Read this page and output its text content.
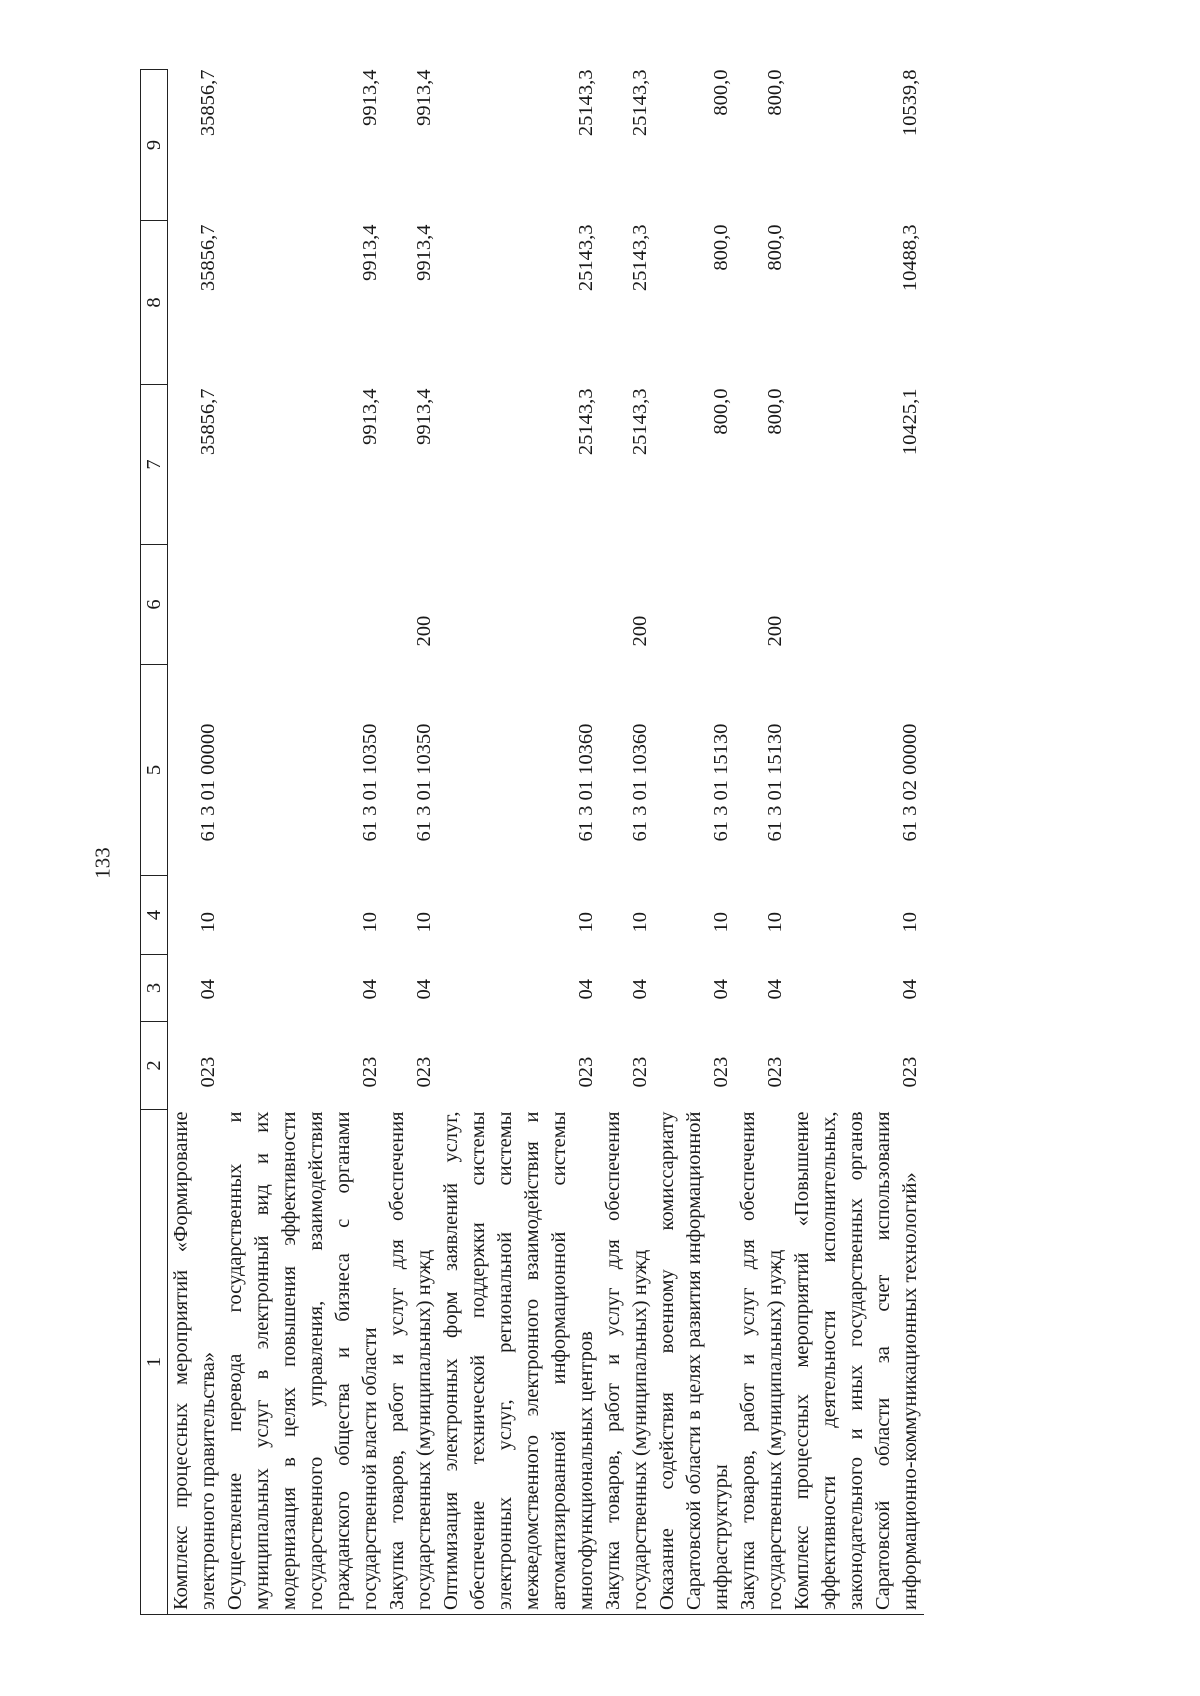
133
1	2	3	4	5	6	7	8	9
Комплекс процессных мероприятий «Формирование электронного правительства»	023	04	10	61 3 01 00000		35856,7	35856,7	35856,7
Осуществление перевода государственных и муниципальных услуг в электронный вид и их модернизация в целях повышения эффективности государственного управления, взаимодействия гражданского общества и бизнеса с органами государственной власти области	023	04	10	61 3 01 10350		9913,4	9913,4	9913,4
Закупка товаров, работ и услуг для обеспечения государственных (муниципальных) нужд	023	04	10	61 3 01 10350	200	9913,4	9913,4	9913,4
Оптимизация электронных форм заявлений услуг, обеспечение технической поддержки системы электронных услуг, региональной системы межведомственного электронного взаимодействия и автоматизированной информационной системы многофункциональных центров	023	04	10	61 3 01 10360		25143,3	25143,3	25143,3
Закупка товаров, работ и услуг для обеспечения государственных (муниципальных) нужд	023	04	10	61 3 01 10360	200	25143,3	25143,3	25143,3
Оказание содействия военному комиссариату Саратовской области в целях развития информационной инфраструктуры	023	04	10	61 3 01 15130		800,0	800,0	800,0
Закупка товаров, работ и услуг для обеспечения государственных (муниципальных) нужд	023	04	10	61 3 01 15130	200	800,0	800,0	800,0
Комплекс процессных мероприятий «Повышение эффективности деятельности исполнительных, законодательного и иных государственных органов Саратовской области за счет использования информационно-коммуникационных технологий»	023	04	10	61 3 02 00000		10425,1	10488,3	10539,8
